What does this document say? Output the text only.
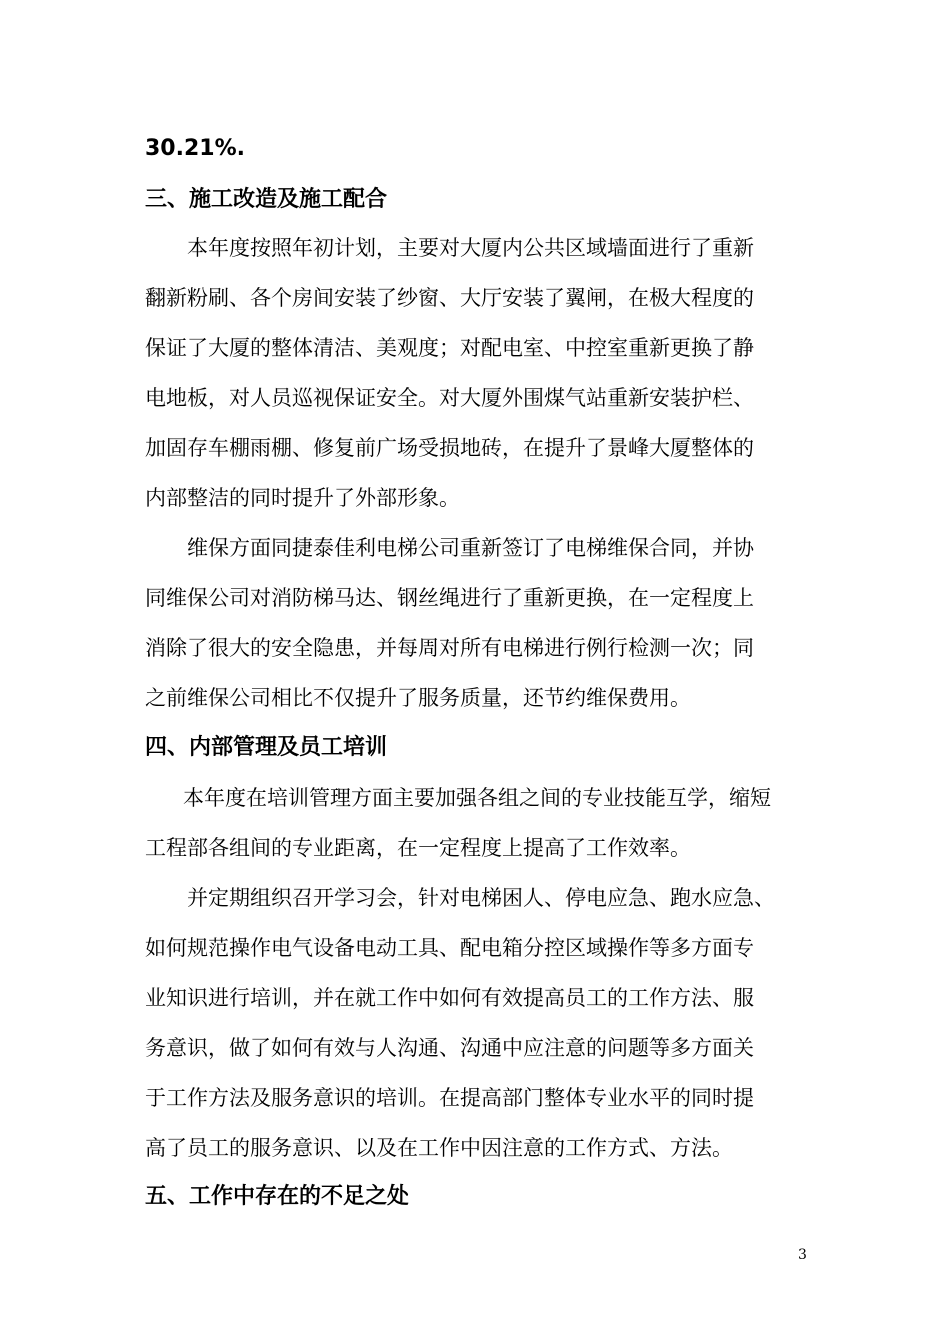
30.21%.

三、施工改造及施工配合

本年度按照年初计划，主要对大厦内公共区域墙面进行了重新

翻新粉刷、各个房间安装了纱窗、大厅安装了翼闸，在极大程度的

保证了大厦的整体清洁、美观度；对配电室、中控室重新更换了静

电地板，对人员巡视保证安全。对大厦外围煤气站重新安装护栏、

加固存车棚雨棚、修复前广场受损地砖，在提升了景峰大厦整体的

内部整洁的同时提升了外部形象。

维保方面同捷泰佳利电梯公司重新签订了电梯维保合同，并协

同维保公司对消防梯马达、钢丝绳进行了重新更换，在一定程度上

消除了很大的安全隐患，并每周对所有电梯进行例行检测一次；同

之前维保公司相比不仅提升了服务质量，还节约维保费用。

四、内部管理及员工培训

本年度在培训管理方面主要加强各组之间的专业技能互学，缩短

工程部各组间的专业距离，在一定程度上提高了工作效率。

并定期组织召开学习会，针对电梯困人、停电应急、跑水应急、

如何规范操作电气设备电动工具、配电箱分控区域操作等多方面专

业知识进行培训，并在就工作中如何有效提高员工的工作方法、服

务意识，做了如何有效与人沟通、沟通中应注意的问题等多方面关

于工作方法及服务意识的培训。在提高部门整体专业水平的同时提

高了员工的服务意识、以及在工作中因注意的工作方式、方法。

五、工作中存在的不足之处

3
